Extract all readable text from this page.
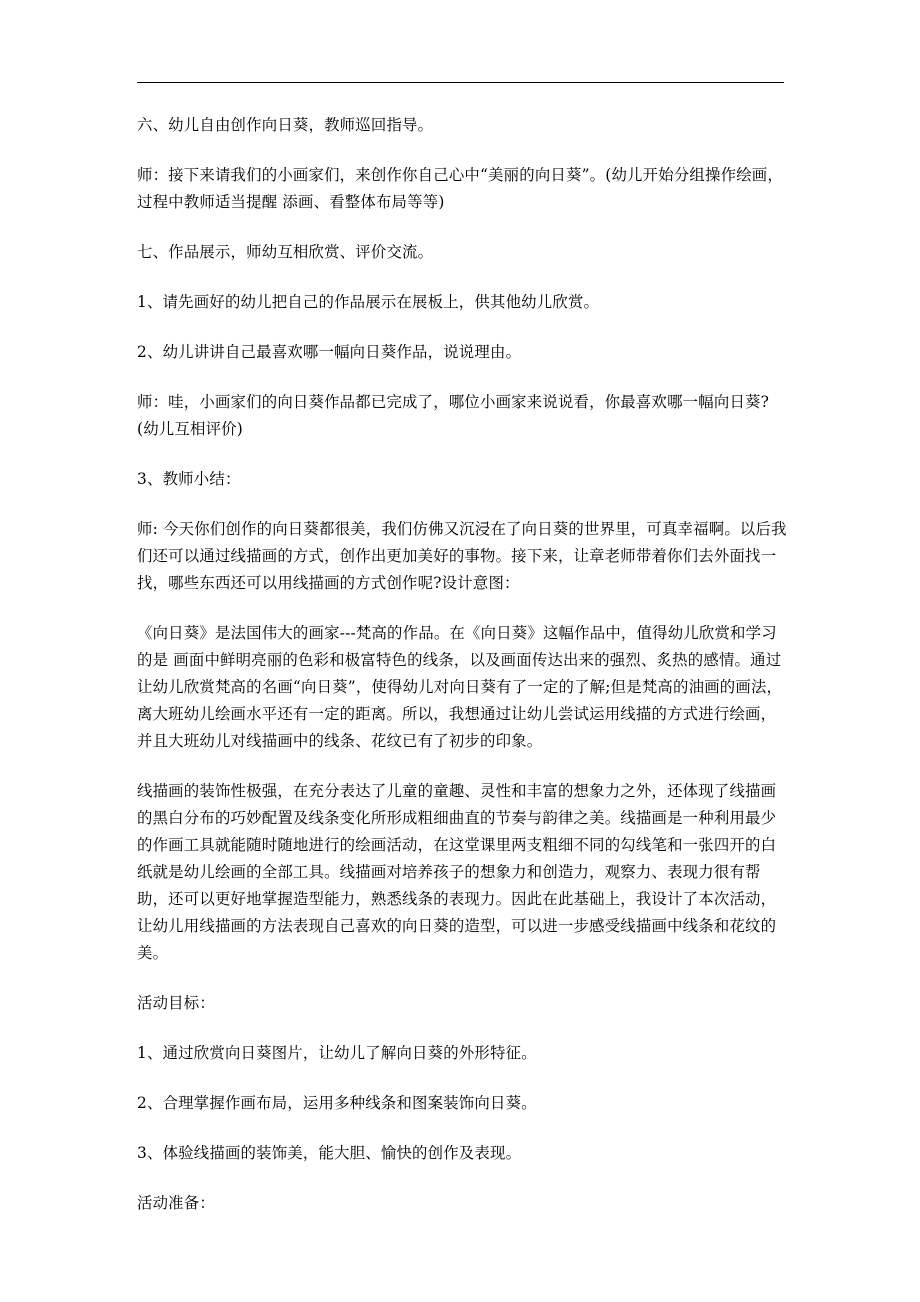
六、幼儿自由创作向日葵，教师巡回指导。

师：接下来请我们的小画家们，来创作你自己心中“美丽的向日葵”。(幼儿开始分组操作绘画，过程中教师适当提醒 添画、看整体布局等等)

七、作品展示，师幼互相欣赏、评价交流。

1、请先画好的幼儿把自己的作品展示在展板上，供其他幼儿欣赏。

2、幼儿讲讲自己最喜欢哪一幅向日葵作品，说说理由。

师：哇，小画家们的向日葵作品都已完成了，哪位小画家来说说看，你最喜欢哪一幅向日葵?(幼儿互相评价)

3、教师小结：

师: 今天你们创作的向日葵都很美，我们仿佛又沉浸在了向日葵的世界里，可真幸福啊。以后我们还可以通过线描画的方式，创作出更加美好的事物。接下来，让章老师带着你们去外面找一找，哪些东西还可以用线描画的方式创作呢?设计意图：

《向日葵》是法国伟大的画家---梵高的作品。在《向日葵》这幅作品中，值得幼儿欣赏和学习的是 画面中鲜明亮丽的色彩和极富特色的线条，以及画面传达出来的强烈、炙热的感情。通过让幼儿欣赏梵高的名画“向日葵”，使得幼儿对向日葵有了一定的了解;但是梵高的油画的画法，离大班幼儿绘画水平还有一定的距离。所以，我想通过让幼儿尝试运用线描的方式进行绘画，并且大班幼儿对线描画中的线条、花纹已有了初步的印象。

线描画的装饰性极强，在充分表达了儿童的童趣、灵性和丰富的想象力之外，还体现了线描画的黑白分布的巧妙配置及线条变化所形成粗细曲直的节奏与韵律之美。线描画是一种利用最少的作画工具就能随时随地进行的绘画活动，在这堂课里两支粗细不同的勾线笔和一张四开的白纸就是幼儿绘画的全部工具。线描画对培养孩子的想象力和创造力，观察力、表现力很有帮助，还可以更好地掌握造型能力，熟悉线条的表现力。因此在此基础上，我设计了本次活动，让幼儿用线描画的方法表现自己喜欢的向日葵的造型，可以进一步感受线描画中线条和花纹的美。

活动目标：

1、通过欣赏向日葵图片，让幼儿了解向日葵的外形特征。

2、合理掌握作画布局，运用多种线条和图案装饰向日葵。

3、体验线描画的装饰美，能大胆、愉快的创作及表现。

活动准备：
